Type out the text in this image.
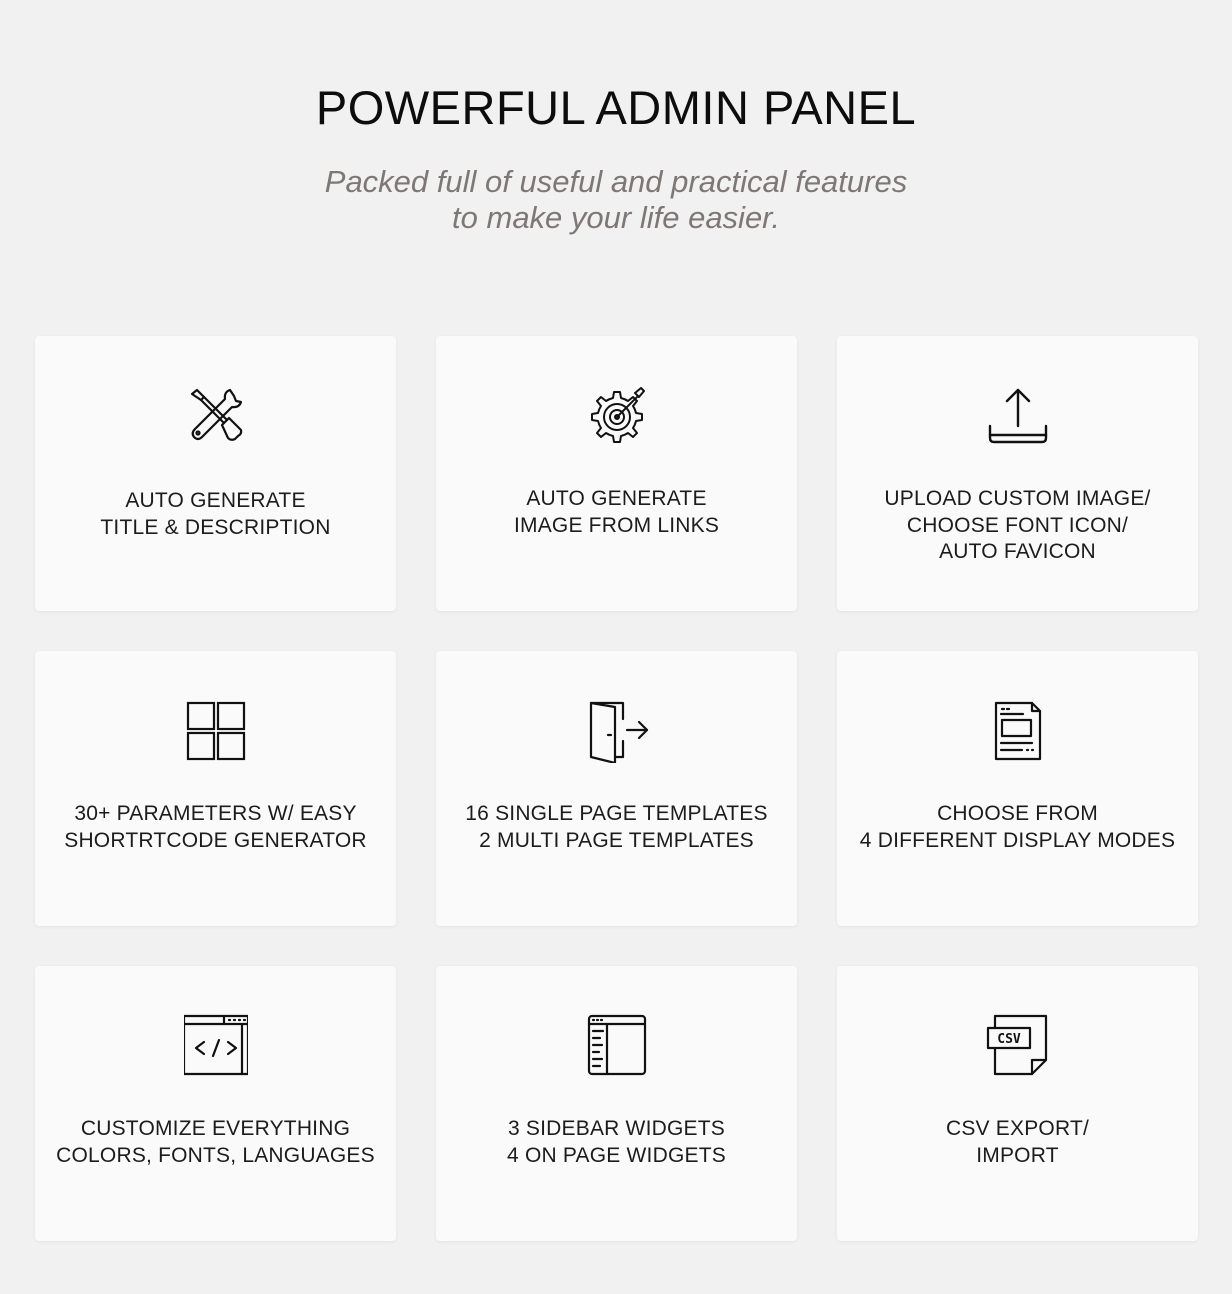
POWERFUL ADMIN PANEL
Packed full of useful and practical features
to make your life easier.
AUTO GENERATE
TITLE & DESCRIPTION
AUTO GENERATE
IMAGE FROM LINKS
UPLOAD CUSTOM IMAGE/
CHOOSE FONT ICON/
AUTO FAVICON
30+ PARAMETERS W/ EASY
SHORTRTCODE GENERATOR
16 SINGLE PAGE TEMPLATES
2 MULTI PAGE TEMPLATES
CHOOSE FROM
4 DIFFERENT DISPLAY MODES
CUSTOMIZE EVERYTHING
COLORS, FONTS, LANGUAGES
3 SIDEBAR WIDGETS
4 ON PAGE WIDGETS
CSV
CSV EXPORT/
IMPORT
